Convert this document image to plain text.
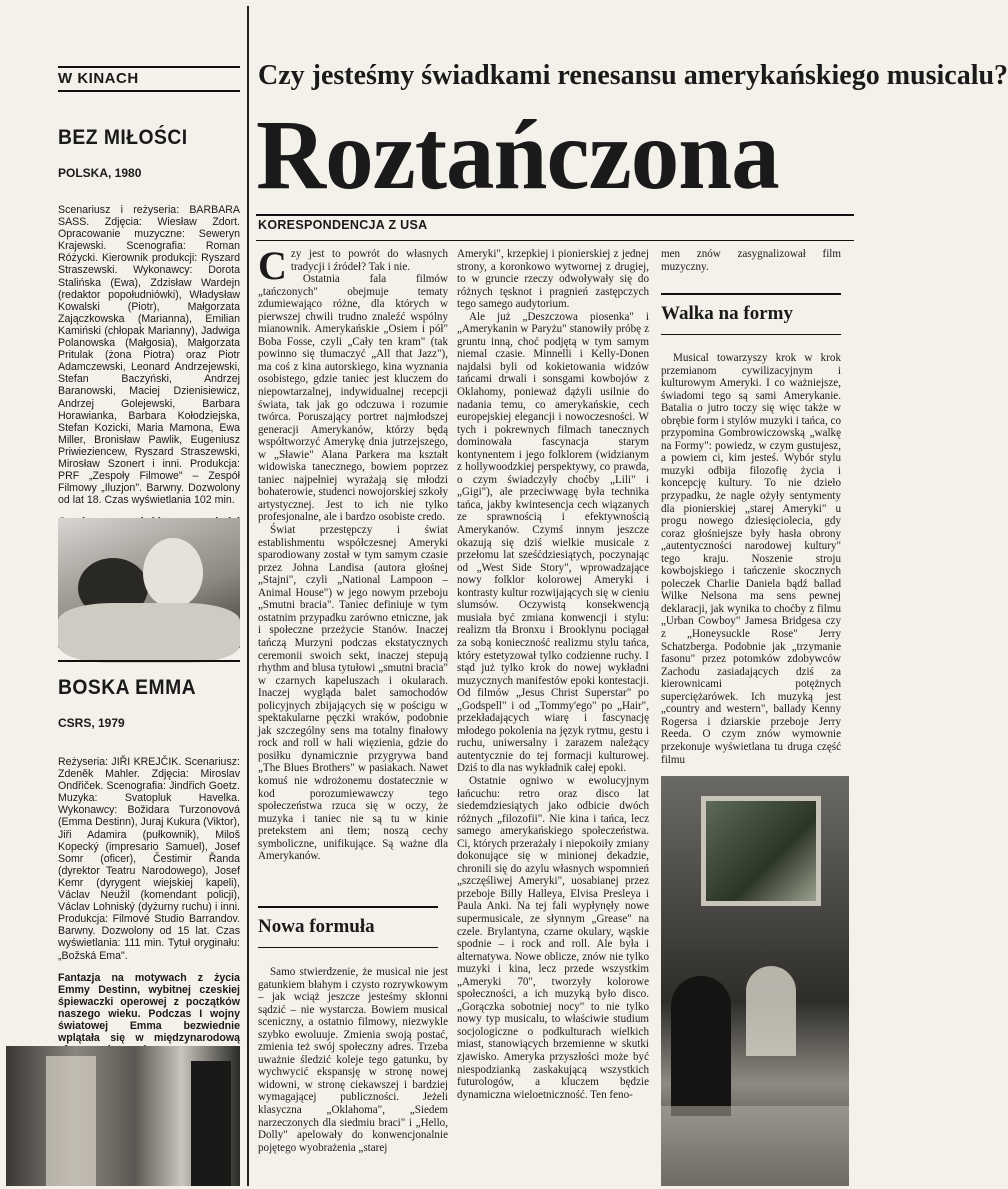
W KINACH
BEZ MIŁOŚCI
POLSKA, 1980
Scenariusz i reżyseria: BARBARA SASS. Zdjęcia: Wiesław Zdort. Opracowanie muzyczne: Seweryn Krajewski. Scenografia: Roman Różycki. Kierownik produkcji: Ryszard Straszewski. Wykonawcy: Dorota Stalińska (Ewa), Zdzisław Wardejn (redaktor popołudniówki), Władysław Kowalski (Piotr), Małgorzata Zajączkowska (Marianna), Emilian Kamiński (chłopak Marianny), Jadwiga Polanowska (Małgosia), Małgorzata Pritulak (żona Piotra) oraz Piotr Adamczewski, Leonard Andrzejewski, Stefan Baczyński, Andrzej Baranowski, Maciej Dzienisiewicz, Andrzej Golejewski, Barbara Horawianka, Barbara Kołodziejska, Stefan Kozicki, Maria Mamona, Ewa Miller, Bronisław Pawlik, Eugeniusz Priwieziencew, Ryszard Straszewski, Mirosław Szonert i inni. Produkcja: PRF „Zespoły Filmowe" – Zespół Filmowy „Iluzjon". Barwny. Dozwolony od lat 18. Czas wyświetlania 102 min.
BOSKA EMMA
CSRS, 1979
Reżyseria: JIŘI KREJČIK. Scenariusz: Zdeněk Mahler. Zdjęcia: Miroslav Ondřiček. Scenografia: Jindřich Goetz. Muzyka: Svatopluk Havelka. Wykonawcy: Božidara Turzonovová (Emma Destinn), Juraj Kukura (Viktor), Jiři Adamira (pułkownik), Miloš Kopecký (impresario Samuel), Josef Somr (oficer), Čestimir Řanda (dyrektor Teatru Narodowego), Josef Kemr (dyrygent wiejskiej kapeli), Václav Neužil (komendant policji), Václav Lohniský (dyżurny ruchu) i inni. Produkcja: Filmové Studio Barrandov. Barwny. Dozwolony od 15 lat. Czas wyświetlania: 111 min. Tytuł oryginału: „Božská Ema".
Fantazja na motywach z życia Emmy Destinn, wybitnej czeskiej śpiewaczki operowej z początków naszego wieku. Podczas I wojny światowej Emma bezwiednie wplątała się w międzynarodową
Czy jesteśmy świadkami renesansu amerykańskiego musicalu?
Roztańczona
KORESPONDENCJA Z USA

Czy jest to powrót do własnych tradycji i źródeł? Tak i nie.

Ostatnia fala filmów „tańczonych" obejmuje tematy zdumiewająco różne, dla których w pierwszej chwili trudno znaleźć wspólny mianownik. Amerykańskie „Osiem i pół" Boba Fosse, czyli „Cały ten kram" (tak powinno się tłumaczyć „All that Jazz"), ma coś z kina autorskiego, kina wyznania osobistego, gdzie taniec jest kluczem do niepowtarzalnej, indywidualnej recepcji świata, tak jak go odczuwa i rozumie twórca. Poruszający portret najmłodszej generacji Amerykanów, którzy będą współtworzyć Amerykę dnia jutrzejszego, w „Sławie" Alana Parkera ma kształt widowiska tanecznego, bowiem poprzez taniec najpełniej wyrażają się młodzi bohaterowie, studenci nowojorskiej szkoły artystycznej. Jest to ich nie tylko profesjonalne, ale i bardzo osobiste credo.

Świat przestępczy i świat establishmentu współczesnej Ameryki sparodiowany został w tym samym czasie przez Johna Landisa (autora głośnej „Stajni", czyli „National Lampoon – Animal House") w jego nowym przeboju „Smutni bracia". Taniec definiuje w tym ostatnim przypadku zarówno etniczne, jak i społeczne przeżycie Stanów. Inaczej tańczą Murzyni podczas ekstatycznych ceremonii swoich sekt, inaczej stepują rhythm and blusa tytułowi „smutni bracia" w czarnych kapeluszach i okularach. Inaczej wygląda balet samochodów policyjnych zbijających się w pościgu w spektakularne pęczki wraków, podobnie jak szczególny sens ma totalny finałowy rock and roll w hali więzienia, gdzie do posiłku dynamicznie przygrywa band „The Blues Brothers" w pasiakach. Nawet komuś nie wdrożonemu dostatecznie w kod porozumiewawczy tego społeczeństwa rzuca się w oczy, że muzyka i taniec nie są tu w kinie pretekstem ani tłem; noszą cechy symboliczne, unifikujące. Są ważne dla Amerykanów.

Nowa formuła

Samo stwierdzenie, że musical nie jest gatunkiem błahym i czysto rozrywkowym – jak wciąż jeszcze jesteśmy skłonni sądzić – nie wystarcza. Bowiem musical sceniczny, a ostatnio filmowy, niezwykle szybko ewoluuje. Zmienia swoją postać, zmienia też swój społeczny adres. Trzeba uważnie śledzić koleje tego gatunku, by wychwycić ekspansję w stronę nowej widowni, w stronę ciekawszej i bardziej wymagającej publiczności. Jeżeli klasyczna „Oklahoma", „Siedem narzeczonych dla siedmiu braci" i „Hello, Dolly" apelowały do konwencjonalnie pojętego wyobrażenia „starej

Ameryki", krzepkiej i pionierskiej z jednej strony, a koronkowo wytwornej z drugiej, to w gruncie rzeczy odwoływały się do różnych tęsknot i pragnień zastępczych tego samego audytorium.

Ale już „Deszczowa piosenka" i „Amerykanin w Paryżu" stanowiły próbę z gruntu inną, choć podjętą w tym samym niemal czasie. Minnelli i Kelly-Donen najdalsi byli od kokietowania widzów tańcami drwali i sonsgami kowbojów z Oklahomy, ponieważ dążyli usilnie do nadania temu, co amerykańskie, cech europejskiej elegancji i nowoczesności. W tych i pokrewnych filmach tanecznych dominowała fascynacja starym kontynentem i jego folklorem (widzianym z hollywoodzkiej perspektywy, co prawda, o czym świadczyły choćby „Lili" i „Gigi"), ale przeciwwagę była technika tańca, jakby kwintesencja cech wiązanych ze sprawnością i efektywnością Amerykanów. Czymś innym jeszcze okazują się dziś wielkie musicale z przełomu lat sześćdziesiątych, poczynając od „West Side Story", wprowadzające nowy folklor kolorowej Ameryki i kontrasty kultur rozwijających się w cieniu slumsów. Oczywistą konsekwencją musiała być zmiana konwencji i stylu: realizm tła Bronxu i Brooklynu pociągał za sobą konieczność realizmu stylu tańca, który estetyzował tylko codzienne ruchy. I stąd już tylko krok do nowej wykładni muzycznych manifestów epoki kontestacji. Od filmów „Jesus Christ Superstar" po „Godspell" i od „Tommy'ego" po „Hair", przekładających wiarę i fascynację młodego pokolenia na język rytmu, gestu i ruchu, uniwersalny i zarazem należący autentycznie do tej formacji kulturowej. Dziś to dla nas wykładnik całej epoki.

Ostatnie ogniwo w ewolucyjnym łańcuchu: retro oraz disco lat siedemdziesiątych jako odbicie dwóch różnych „filozofii". Nie kina i tańca, lecz samego amerykańskiego społeczeństwa. Ci, których przerażały i niepokoiły zmiany dokonujące się w minionej dekadzie, chronili się do azylu własnych wspomnień „szczęśliwej Ameryki", uosabianej przez przeboje Billy Halleya, Elvisa Presleya i Paula Anki. Na tej fali wypłynęły nowe supermusicale, ze słynnym „Grease" na czele. Brylantyna, czarne okulary, wąskie spodnie – i rock and roll. Ale była i alternatywa. Nowe oblicze, znów nie tylko muzyki i kina, lecz przede wszystkim „Ameryki 70", tworzyły kolorowe społeczności, a ich muzyką było disco. „Gorączka sobotniej nocy" to nie tylko nowy typ musicalu, to właściwie studium socjologiczne o podkulturach wielkich miast, stanowiących brzemienne w skutki zjawisko. Ameryka przyszłości może być niespodzianką zaskakującą wszystkich futurologów, a kluczem będzie dynamiczna wieloetniczność. Ten feno-

men znów zasygnalizował film muzyczny.

Walka na formy

Musical towarzyszy krok w krok przemianom cywilizacyjnym i kulturowym Ameryki. I co ważniejsze, świadomi tego są sami Amerykanie. Batalia o jutro toczy się więc także w obrębie form i stylów muzyki i tańca, co przypomina Gombrowiczowską „walkę na Formy": powiedz, w czym gustujesz, a powiem ci, kim jesteś. Wybór stylu muzyki odbija filozofię życia i koncepcję kultury. To nie dzieło przypadku, że nagle ożyły sentymenty dla pionierskiej „starej Ameryki" u progu nowego dziesięciolecia, gdy coraz głośniejsze były hasła obrony „autentyczności narodowej kultury" tego kraju. Noszenie stroju kowbojskiego i tańczenie skocznych poleczek Charlie Daniela bądź ballad Wilke Nelsona ma sens pewnej deklaracji, jak wynika to choćby z filmu „Urban Cowboy" Jamesa Bridgesa czy z „Honeysuckle Rose" Jerry Schatzberga. Podobnie jak „trzymanie fasonu" przez potomków zdobywców Zachodu zasiadających dziś za kierownicami potężnych superciężarówek. Ich muzyką jest „country and western", ballady Kenny Rogersa i dziarskie przeboje Jerry Reeda. O czym znów wymownie przekonuje wyświetlana tu druga część filmu
